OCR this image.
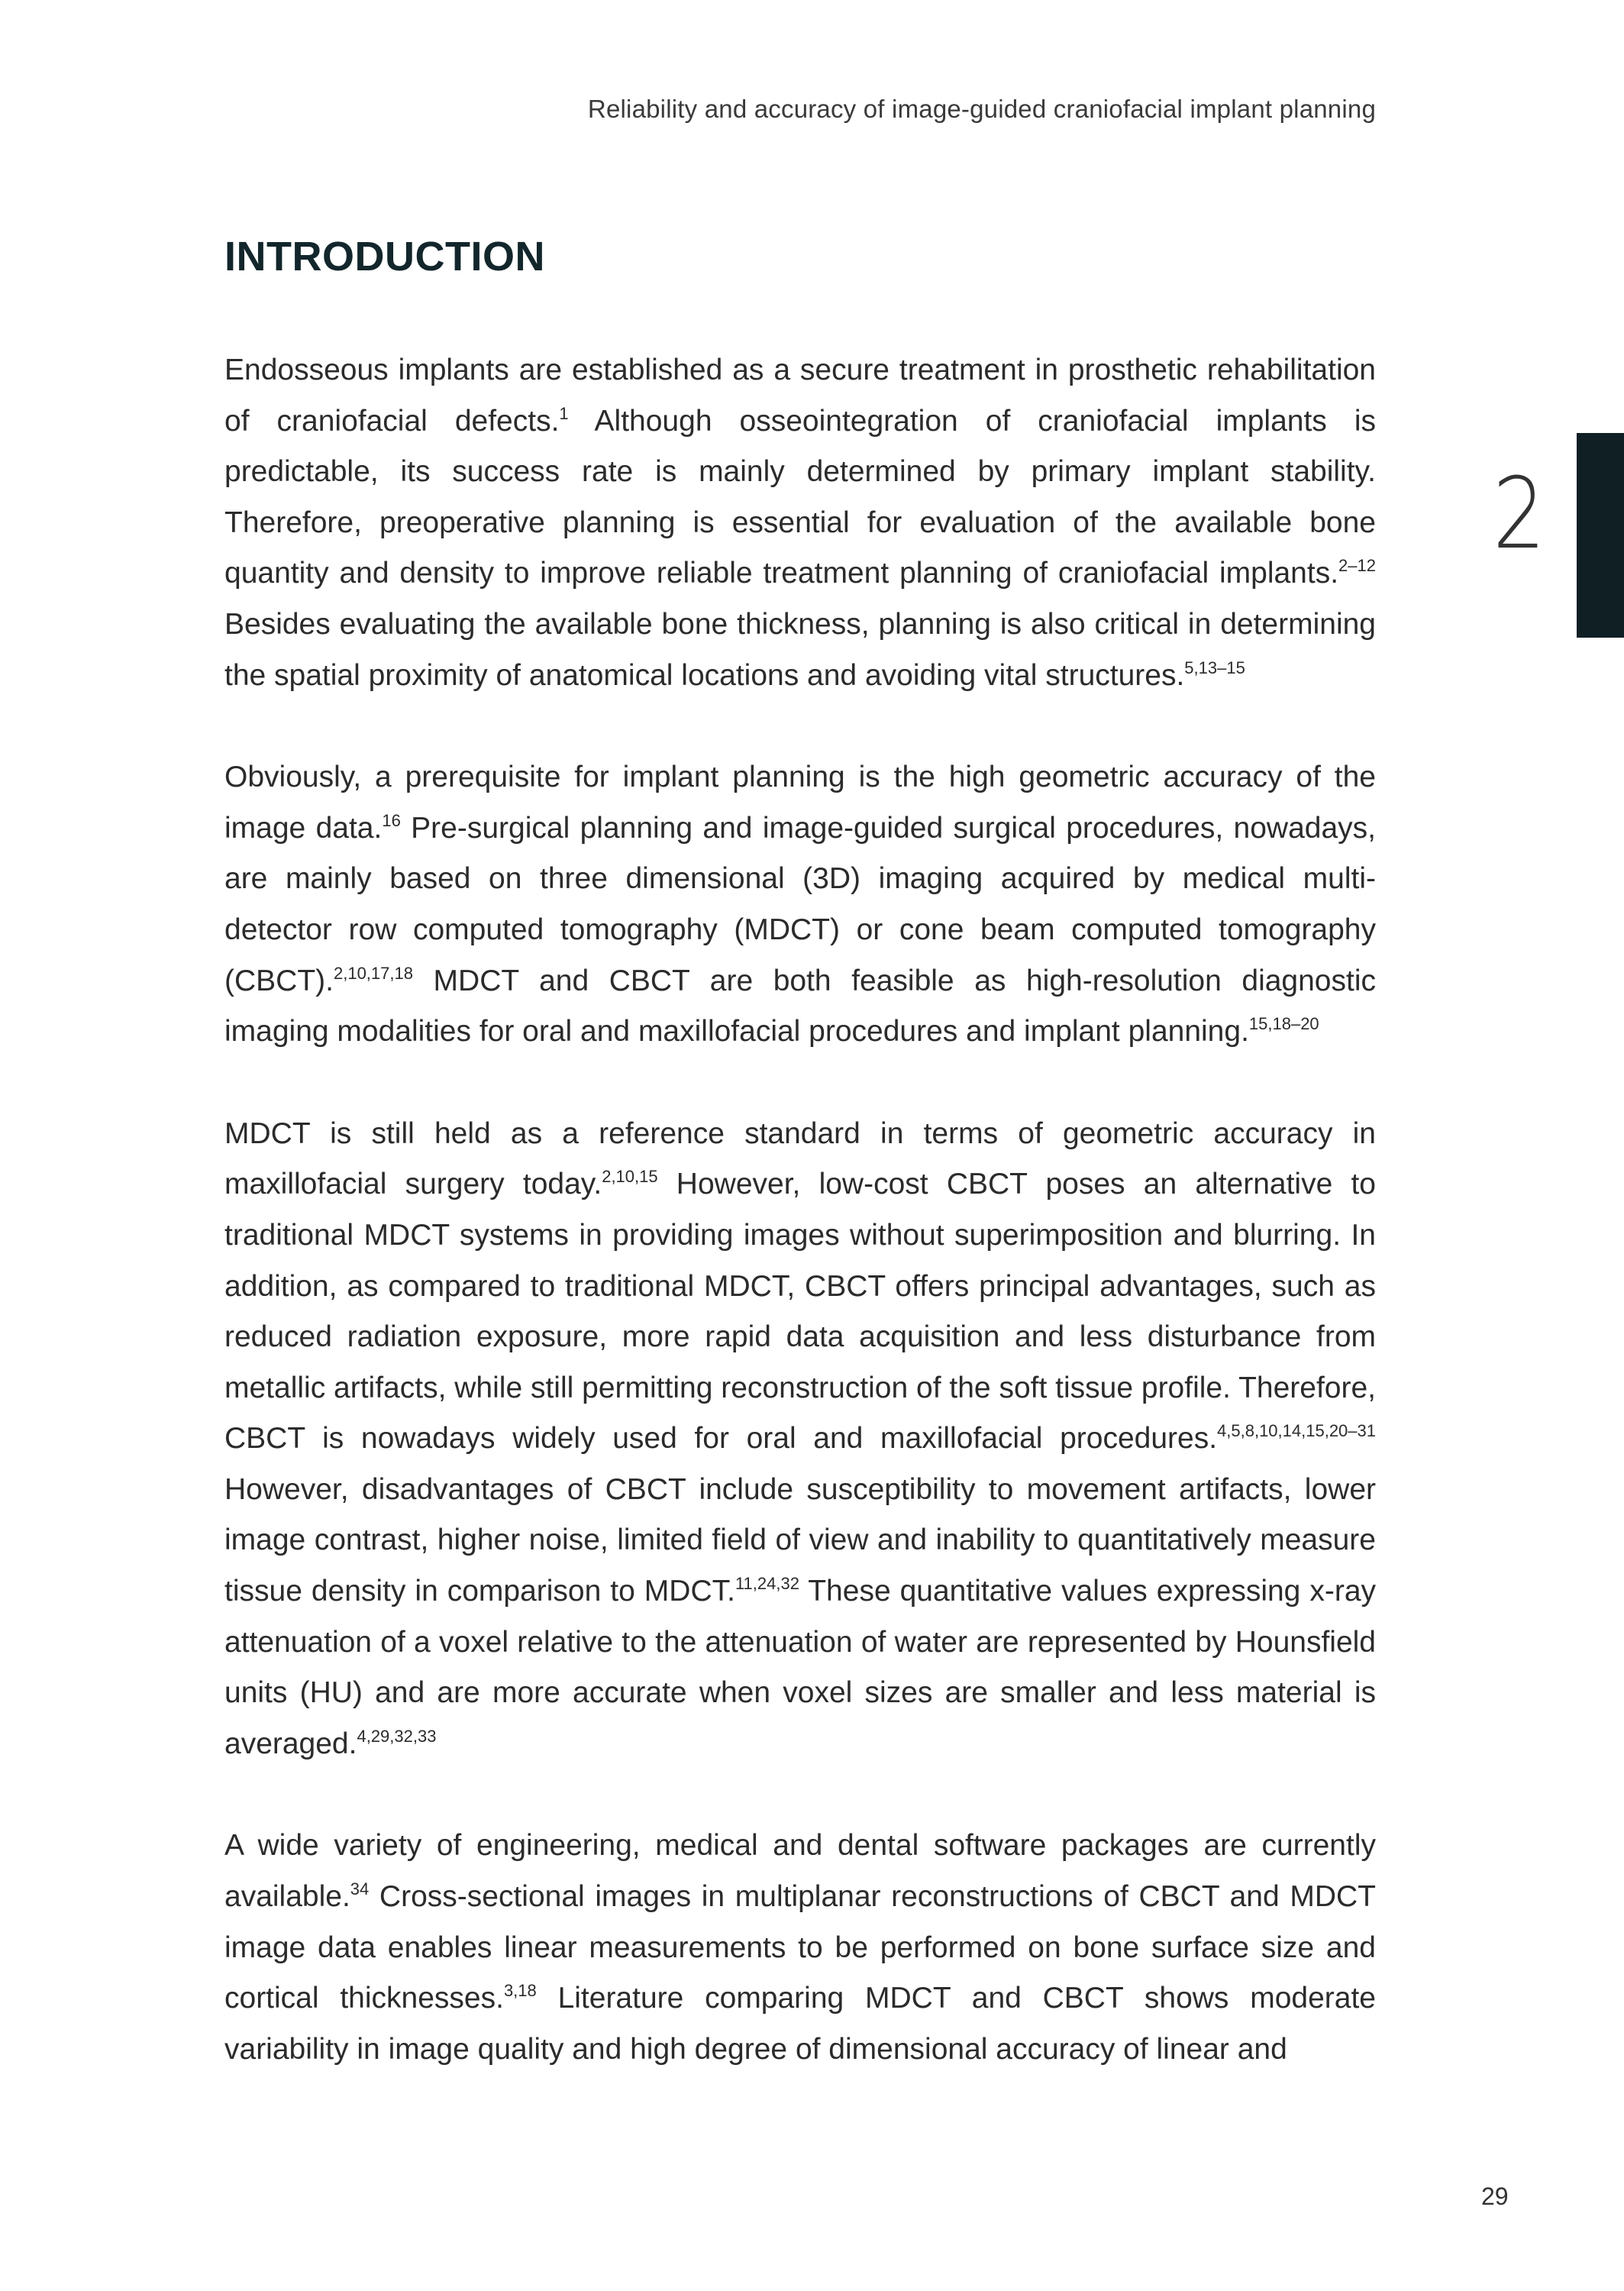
Reliability and accuracy of image-guided craniofacial implant planning
2
INTRODUCTION

Endosseous implants are established as a secure treatment in prosthetic rehabilitation of craniofacial defects.$^1$ Although osseointegration of craniofacial implants is predictable, its success rate is mainly determined by primary implant stability. Therefore, preoperative planning is essential for evaluation of the available bone quantity and density to improve reliable treatment planning of craniofacial implants.$^{2-12}$ Besides evaluating the available bone thickness, planning is also critical in determining the spatial proximity of anatomical locations and avoiding vital structures.$^{5,13-15}$

Obviously, a prerequisite for implant planning is the high geometric accuracy of the image data.$^{16}$ Pre-surgical planning and image-guided surgical procedures, nowadays, are mainly based on three dimensional (3D) imaging acquired by medical multi-detector row computed tomography (MDCT) or cone beam computed tomography (CBCT).$^{2,10,17,18}$ MDCT and CBCT are both feasible as high-resolution diagnostic imaging modalities for oral and maxillofacial procedures and implant planning.$^{15,18-20}$

MDCT is still held as a reference standard in terms of geometric accuracy in maxillofacial surgery today.$^{2,10,15}$ However, low-cost CBCT poses an alternative to traditional MDCT systems in providing images without superimposition and blurring. In addition, as compared to traditional MDCT, CBCT offers principal advantages, such as reduced radiation exposure, more rapid data acquisition and less disturbance from metallic artifacts, while still permitting reconstruction of the soft tissue profile. Therefore, CBCT is nowadays widely used for oral and maxillofacial procedures.$^{4,5,8,10,14,15,20-31}$ However, disadvantages of CBCT include susceptibility to movement artifacts, lower image contrast, higher noise, limited field of view and inability to quantitatively measure tissue density in comparison to MDCT.$^{11,24,32}$ These quantitative values expressing x-ray attenuation of a voxel relative to the attenuation of water are represented by Hounsfield units (HU) and are more accurate when voxel sizes are smaller and less material is averaged.$^{4,29,32,33}$

A wide variety of engineering, medical and dental software packages are currently available.$^{34}$ Cross-sectional images in multiplanar reconstructions of CBCT and MDCT image data enables linear measurements to be performed on bone surface size and cortical thicknesses.$^{3,18}$ Literature comparing MDCT and CBCT shows moderate variability in image quality and high degree of dimensional accuracy of linear and

29
